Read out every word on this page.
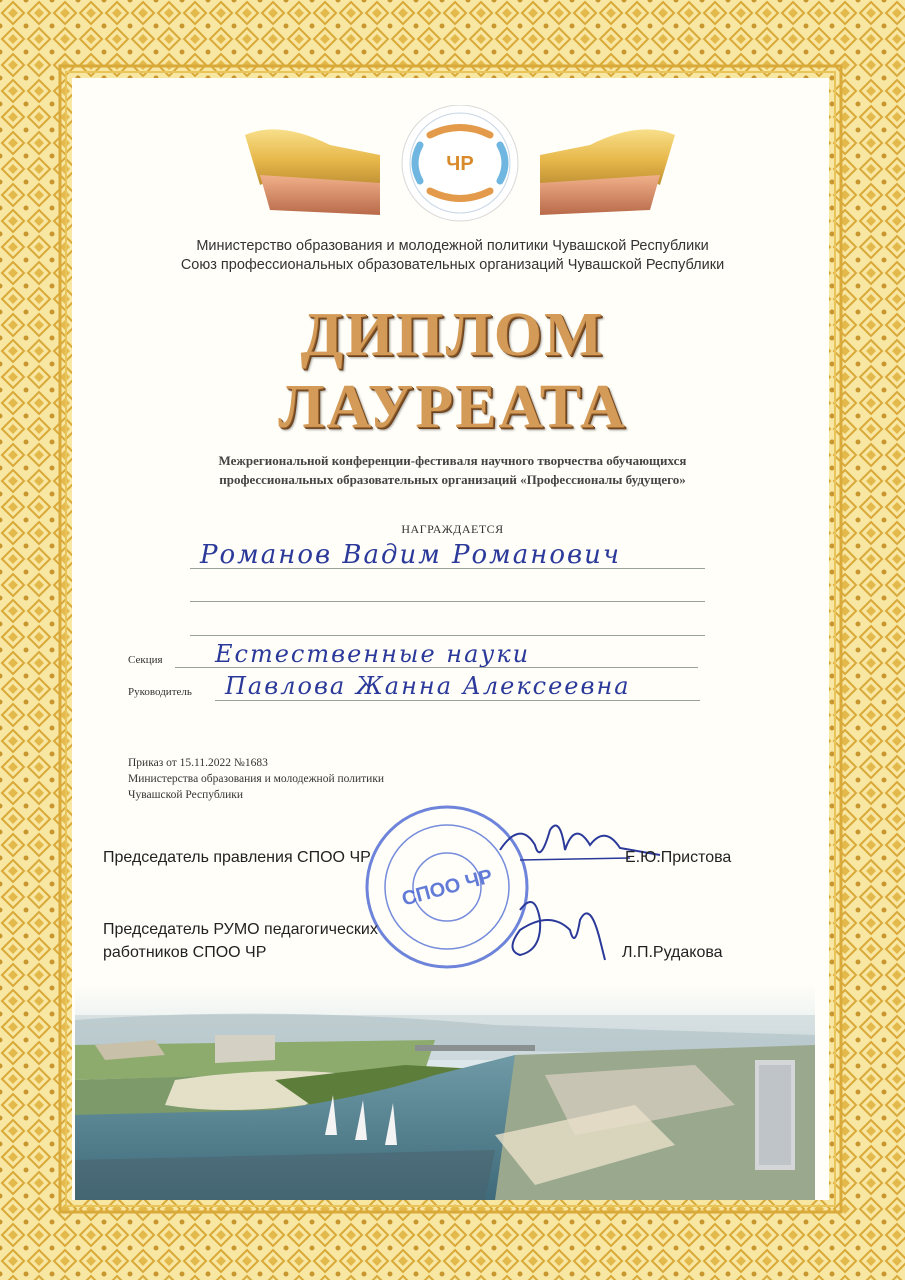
ЧР
Министерство образования и молодежной политики Чувашской Республики
Союз профессиональных образовательных организаций Чувашской Республики
ДИПЛОМ
ЛАУРЕАТА
Межрегиональной конференции-фестиваля научного творчества обучающихся
профессиональных образовательных организаций «Профессионалы будущего»
НАГРАЖДАЕТСЯ
Романов Вадим Романович
Секция Естественные науки
Руководитель Павлова Жанна Алексеевна
Приказ от 15.11.2022 №1683
Министерства образования и молодежной политики
Чувашской Республики
СПОО ЧР
Председатель правления СПОО ЧР	Е.Ю.Пристова
Председатель РУМО педагогических
работников СПОО ЧР	Л.П.Рудакова
